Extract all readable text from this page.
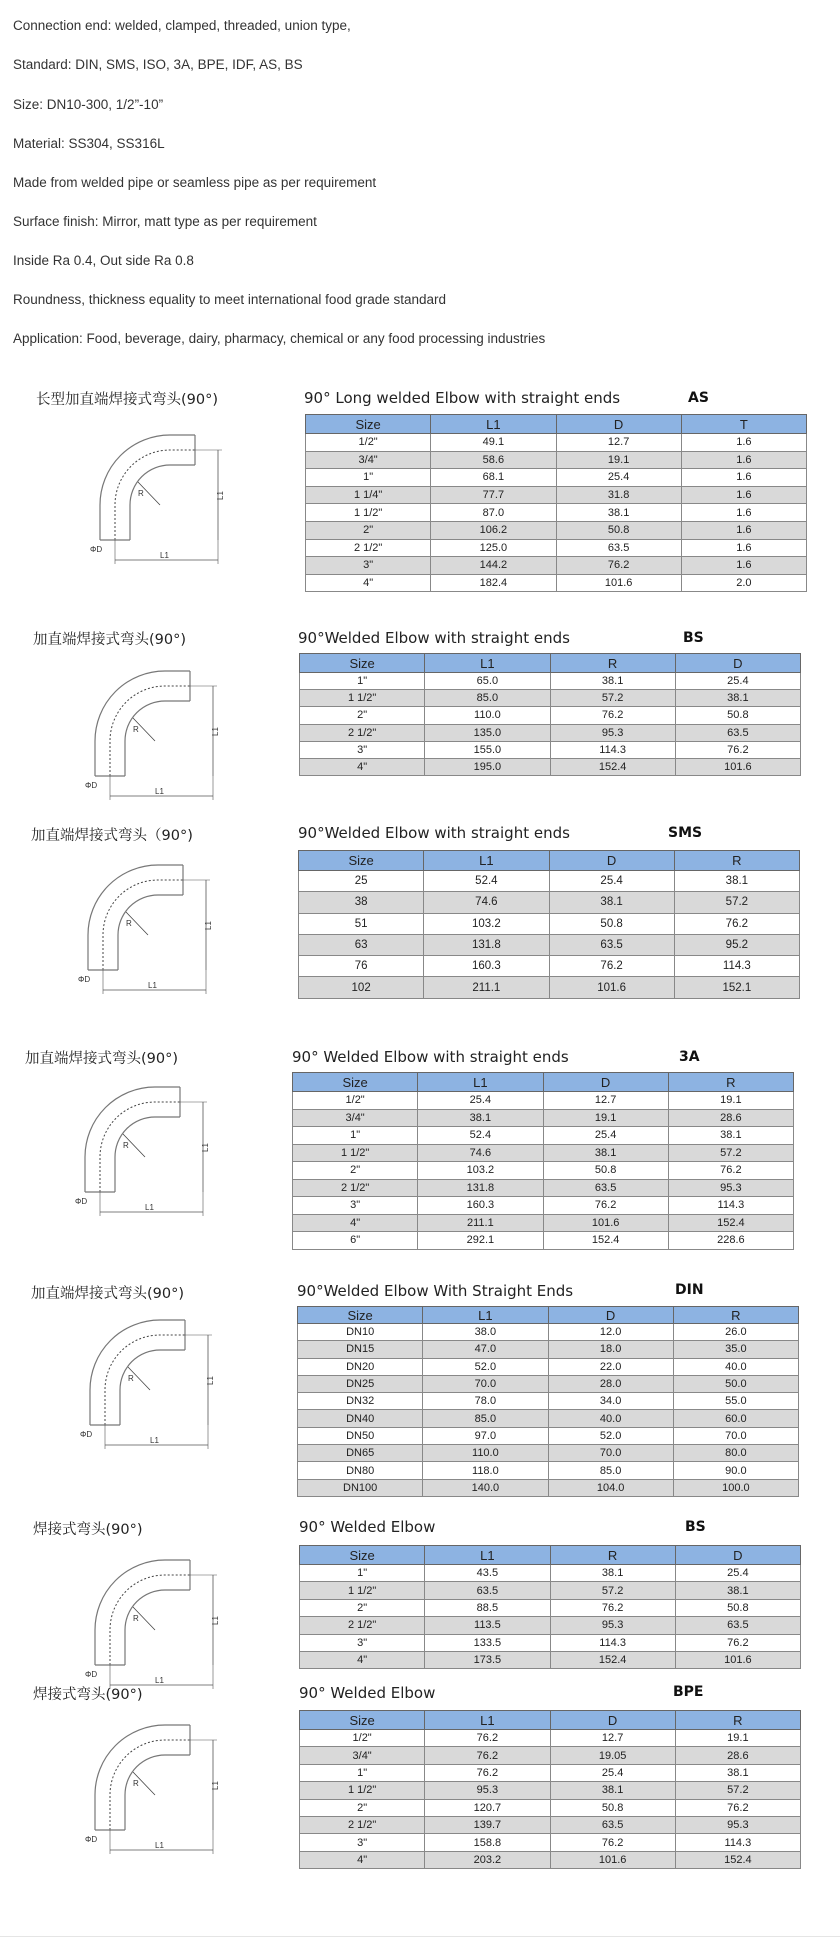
Connection end: welded, clamped, threaded, union type,
Standard: DIN, SMS, ISO, 3A, BPE, IDF, AS, BS
Size: DN10-300, 1/2”-10”
Material: SS304, SS316L
Made from welded pipe or seamless pipe as per requirement
Surface finish: Mirror, matt type as per requirement
Inside Ra 0.4, Out side Ra 0.8
Roundness, thickness equality to meet international food grade standard
Application: Food, beverage, dairy, pharmacy, chemical or any food processing industries
长型加直端焊接式弯头(90°)	90° Long welded Elbow with straight ends	AS
L1
R
ΦD
L1
Size	L1	D	T
1/2"	49.1	12.7	1.6
3/4"	58.6	19.1	1.6
1"	68.1	25.4	1.6
1 1/4"	77.7	31.8	1.6
1 1/2"	87.0	38.1	1.6
2"	106.2	50.8	1.6
2 1/2"	125.0	63.5	1.6
3"	144.2	76.2	1.6
4"	182.4	101.6	2.0
加直端焊接式弯头(90°)	90°Welded Elbow with straight ends	BS
L1
R
ΦD
L1
Size	L1	R	D
1"	65.0	38.1	25.4
1 1/2"	85.0	57.2	38.1
2"	110.0	76.2	50.8
2 1/2"	135.0	95.3	63.5
3"	155.0	114.3	76.2
4"	195.0	152.4	101.6
加直端焊接式弯头（90°)	90°Welded Elbow with straight ends	SMS
L1
R
ΦD
L1
Size	L1	D	R
25	52.4	25.4	38.1
38	74.6	38.1	57.2
51	103.2	50.8	76.2
63	131.8	63.5	95.2
76	160.3	76.2	114.3
102	211.1	101.6	152.1
加直端焊接式弯头(90°)	90° Welded Elbow with straight ends	3A
L1
R
ΦD
L1
Size	L1	D	R
1/2"	25.4	12.7	19.1
3/4"	38.1	19.1	28.6
1"	52.4	25.4	38.1
1 1/2"	74.6	38.1	57.2
2"	103.2	50.8	76.2
2 1/2"	131.8	63.5	95.3
3"	160.3	76.2	114.3
4"	211.1	101.6	152.4
6"	292.1	152.4	228.6
加直端焊接式弯头(90°)	90°Welded Elbow With Straight Ends	DIN
L1
R
ΦD
L1
Size	L1	D	R
DN10	38.0	12.0	26.0
DN15	47.0	18.0	35.0
DN20	52.0	22.0	40.0
DN25	70.0	28.0	50.0
DN32	78.0	34.0	55.0
DN40	85.0	40.0	60.0
DN50	97.0	52.0	70.0
DN65	110.0	70.0	80.0
DN80	118.0	85.0	90.0
DN100	140.0	104.0	100.0
焊接式弯头(90°)	90° Welded Elbow	BS
L1
R
ΦD
L1
Size	L1	R	D
1"	43.5	38.1	25.4
1 1/2"	63.5	57.2	38.1
2"	88.5	76.2	50.8
2 1/2"	113.5	95.3	63.5
3"	133.5	114.3	76.2
4"	173.5	152.4	101.6
焊接式弯头(90°)	90° Welded Elbow	BPE
L1
R
ΦD
L1
Size	L1	D	R
1/2"	76.2	12.7	19.1
3/4"	76.2	19.05	28.6
1"	76.2	25.4	38.1
1 1/2"	95.3	38.1	57.2
2"	120.7	50.8	76.2
2 1/2"	139.7	63.5	95.3
3"	158.8	76.2	114.3
4"	203.2	101.6	152.4
